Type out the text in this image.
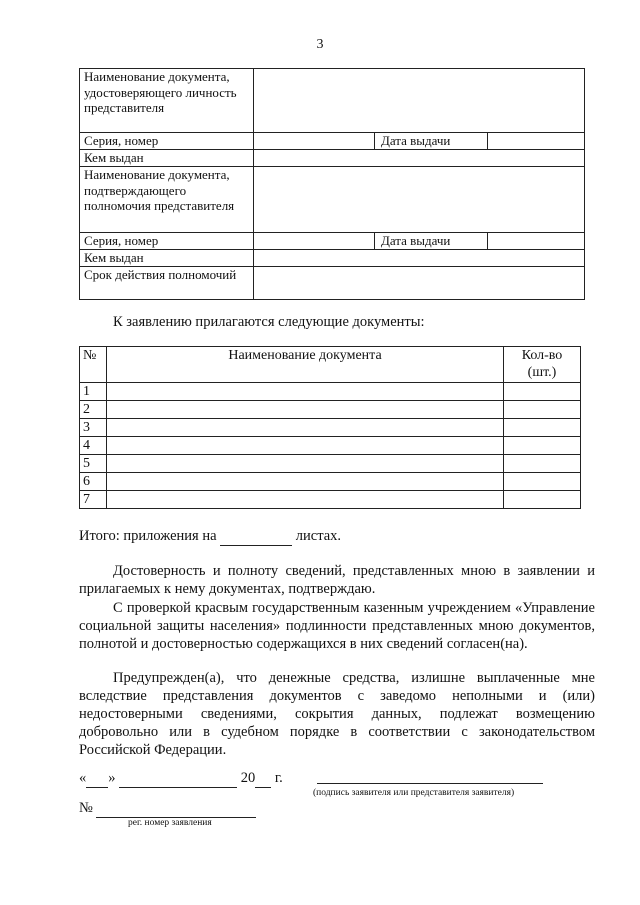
3
Наименование документа, удостоверяющего личность представителя	
Серия, номер	Дата выдачи

Кем выдан	
Наименование документа, подтверждающего полномочия представителя	
Серия, номер	Дата выдачи

Кем выдан	
Срок действия полномочий	
К заявлению прилагаются следующие документы:
№	Наименование документа	Кол-во (шт.)
1		
2		
3		
4		
5		
6		
7		
Итого: приложения на	листах.

Достоверность и полноту сведений, представленных мною в заявлении и прилагаемых к нему документах, подтверждаю.

С проверкой красвым государственным казенным учреждением «Управление социальной защиты населения» подлинности представленных мною документов, полнотой и достоверностью содержащихся в них сведений согласен(на).

Предупрежден(а), что денежные средства, излишне выплаченные мне вследствие представления документов с заведомо неполными и (или) недостоверными сведениями, сокрытия данных, подлежат возмещению добровольно или в судебном порядке в соответствии с законодательством Российской Федерации.

« »	20 г.
(подпись заявителя или представителя заявителя)
№
рег. номер заявления
